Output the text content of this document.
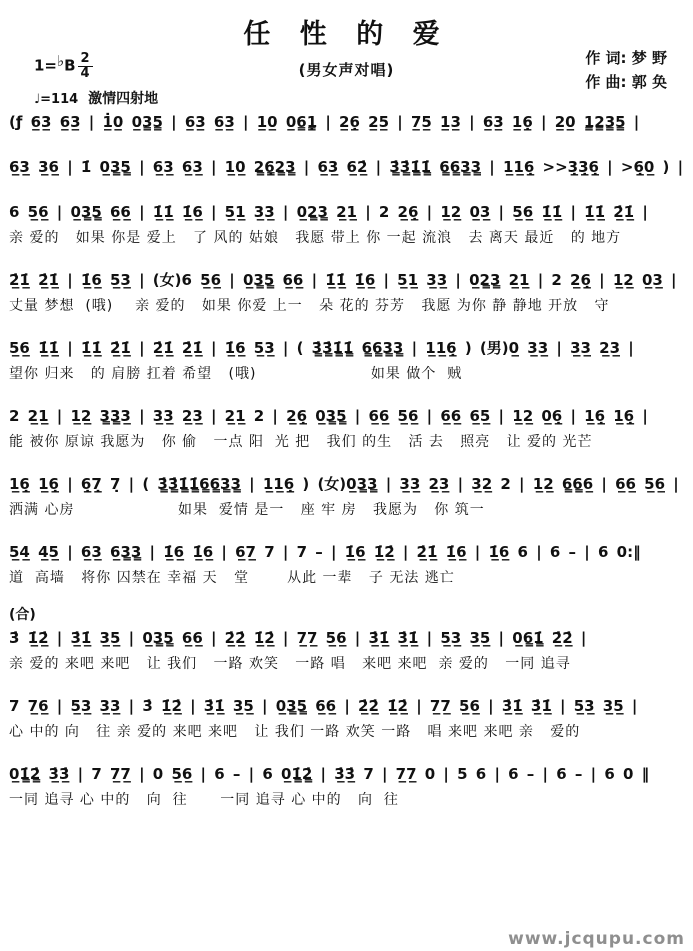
任 性 的 爱
(男女声对唱)
作 词: 梦 野
作 曲: 郭 奂
1=♭B $\frac{2}{4}$
♩=114 激情四射地
(ƒ 6̲3̲ 6̲3̲ | 1̲̇0̲ 0̲3̳5̳ | 6̲3̲ 6̲3̲ | 1̲0̲ 0̲6̳1̳̣ | 2̲6̲̣ 2̲5̲ | 7̲5̲ 1̲3̲ | 6̲3̲ 1̲6̲̣ | 2̲0̲ 1̳2̳3̳5̳ |
6̲3̲ 3̲6̲ | 1̇ 0̲3̳5̳ | 6̲3̲ 6̲3̲ | 1̲0̲ 2̳6̳̣2̳3̳ | 6̲3̲ 6̲2̲̇ | 3̳̇3̳̇1̳̇1̳̇ 6̳6̳3̳3̳ | 1̲1̲6̲̣ >>3̲̣3̲̣6̲̣ | >6̲̣0̲ ) |
6 5̲6̲ | 0̲3̳5̳ 6̲6̲ | 1̲̇1̲̇ 1̲̇6̲ | 5̲1̲ 3̲3̲ | 0̲2̳3̳ 2̲1̲ | 2 2̲6̲̣ | 1̲2̲ 0̲3̲ | 5̲6̲ 1̲̇1̲̇ | 1̲̇1̲̇ 2̲̇1̲̇ |
亲 爱的   如果 你是 爱上   了 风的 姑娘   我愿 带上 你 一起 流浪   去 离天 最近   的 地方
2̲̇1̲̇ 2̲̇1̲̇ | 1̲̇6̲ 5̲3̲ | (女)6 5̲6̲ | 0̲3̳5̳ 6̲6̲ | 1̲̇1̲̇ 1̲̇6̲ | 5̲1̲ 3̲3̲ | 0̲2̳3̳ 2̲1̲ | 2 2̲6̲̣ | 1̲2̲ 0̲3̲ |
丈量 梦想  (哦)    亲 爱的   如果 你爱 上一   朵 花的 芬芳   我愿 为你 静 静地 开放   守
5̲6̲ 1̲̇1̲̇ | 1̲̇1̲̇ 2̲̇1̲̇ | 2̲̇1̲̇ 2̲̇1̲̇ | 1̲̇6̲ 5̲3̲ | ( 3̳̇3̳̇1̳̇1̳̇ 6̳6̳3̳3̳ | 1̲1̲6̲̣ ) (男)0̲ 3̲3̲ | 3̲3̲ 2̲3̲ |
望你 归来   的 肩膀 扛着 希望   (哦)                     如果 做个  贼
2 2̲1̲ | 1̲2̲ 3̳3̳3̲ | 3̲3̲ 2̲3̲ | 2̲1̲ 2 | 2̲6̲̣ 0̲3̳5̳ | 6̲6̲ 5̲6̲ | 6̲6̲ 6̲5̲ | 1̲2̲ 0̲6̲̣ | 1̲6̲̣ 1̲6̲̣ |
能 被你 原谅 我愿为   你 偷   一点 阳  光 把   我们 的生   活 去   照亮   让 爱的 光芒
1̲6̲̣ 1̲6̲̣ | 6̲̣7̲̣ 7̣ | ( 3̳̇3̳̇1̳̇1̳̇6̳6̳3̳3̳ | 1̲1̲6̲̣ ) (女)0̲3̳3̳ | 3̲3̲ 2̲3̲ | 3̲2̲ 2 | 1̲2̲ 6̳6̳6̲ | 6̲6̲ 5̲6̲ |
洒满 心房                   如果  爱情 是一   座 牢 房   我愿为   你 筑一
5̲4̲ 4̲5̲ | 6̲3̲ 6̲3̳3̳ | 1̲̇6̲ 1̲̇6̲ | 6̲7̲ 7 | 7 – | 1̲̇6̲ 1̲̇2̲̇ | 2̲̇1̲̇ 1̲̇6̲ | 1̲̇6̲ 6 | 6 – | 6 0:‖
道  高墙   将你 囚禁在 幸福 天   堂       从此 一辈   子 无法 逃亡
(合)
3̇ 1̲̇2̲̇ | 3̲̇1̲̇ 3̲5̲ | 0̲3̳5̳ 6̲6̲ | 2̲̇2̲̇ 1̲̇2̲̇ | 7̲7̲ 5̲6̲ | 3̲̇1̲̇ 3̲̇1̲̇ | 5̲3̲ 3̲5̲ | 0̲6̳1̳̇ 2̲̇2̲̇ |
亲 爱的 来吧 来吧   让 我们   一路 欢笑   一路 唱   来吧 来吧  亲 爱的   一同 追寻
7 7̲6̲ | 5̲3̲ 3̲3̲ | 3̇ 1̲̇2̲̇ | 3̲̇1̲̇ 3̲5̲ | 0̲3̳5̳ 6̲6̲ | 2̲̇2̲̇ 1̲̇2̲̇ | 7̲7̲ 5̲6̲ | 3̲̇1̲̇ 3̲̇1̲̇ | 5̲3̲ 3̲5̲ |
心 中的 向   往 亲 爱的 来吧 来吧   让 我们 一路 欢笑 一路   唱 来吧 来吧 亲   爱的
0̲1̳̇2̳̇ 3̲̇3̲̇ | 7 7̲7̲ | 0 5̲6̲ | 6 – | 6 0̲1̳̇2̳̇ | 3̲̇3̲̇ 7 | 7̲7̲ 0 | 5 6 | 6 – | 6 – | 6 0 ‖
一同 追寻 心 中的   向  往      一同 追寻 心 中的   向  往
www.jcqupu.com
